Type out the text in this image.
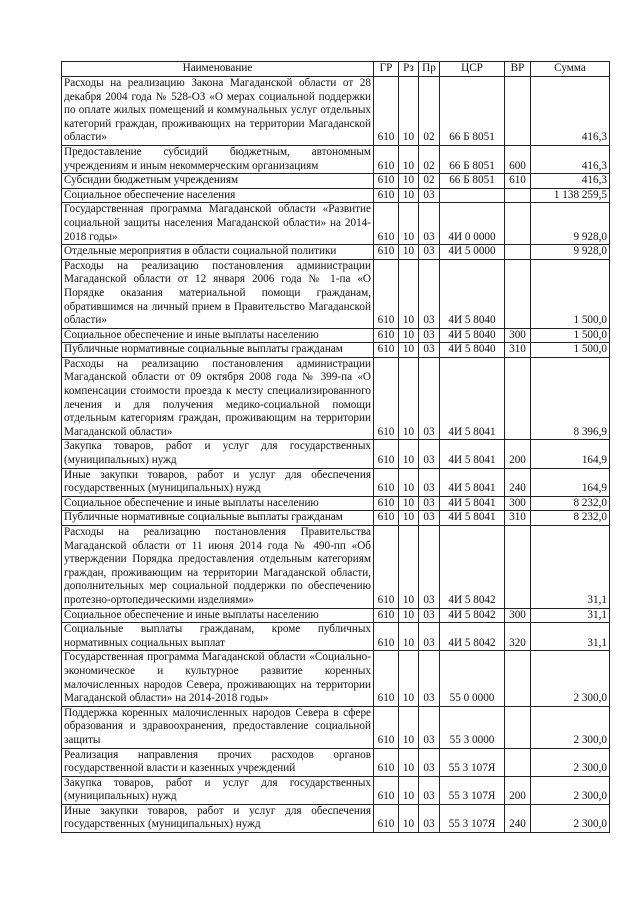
Наименование	ГР	Рз	Пр	ЦСР	ВР	Сумма
Расходы на реализацию Закона Магаданской области от 28 декабря 2004 года № 528-ОЗ «О мерах социальной поддержки по оплате жилых помещений и коммунальных услуг отдельных категорий граждан, проживающих на территории Магаданской области»	610	10	02	66 Б 8051		416,3
Предоставление субсидий бюджетным, автономным учреждениям и иным некоммерческим организациям	610	10	02	66 Б 8051	600	416,3
Субсидии бюджетным учреждениям	610	10	02	66 Б 8051	610	416,3
Социальное обеспечение населения	610	10	03			1 138 259,5
Государственная программа Магаданской области «Развитие социальной защиты населения Магаданской области» на 2014-2018 годы»	610	10	03	4И 0 0000		9 928,0
Отдельные мероприятия в области социальной политики	610	10	03	4И 5 0000		9 928,0
Расходы на реализацию постановления администрации Магаданской области от 12 января 2006 года № 1-па «О Порядке оказания материальной помощи гражданам, обратившимся на личный прием в Правительство Магаданской области»	610	10	03	4И 5 8040		1 500,0
Социальное обеспечение и иные выплаты населению	610	10	03	4И 5 8040	300	1 500,0
Публичные нормативные социальные выплаты гражданам	610	10	03	4И 5 8040	310	1 500,0
Расходы на реализацию постановления администрации Магаданской области от 09 октября 2008 года № 399-па «О компенсации стоимости проезда к месту специализированного лечения и для получения медико-социальной помощи отдельным категориям граждан, проживающим на территории Магаданской области»	610	10	03	4И 5 8041		8 396,9
Закупка товаров, работ и услуг для государственных (муниципальных) нужд	610	10	03	4И 5 8041	200	164,9
Иные закупки товаров, работ и услуг для обеспечения государственных (муниципальных) нужд	610	10	03	4И 5 8041	240	164,9
Социальное обеспечение и иные выплаты населению	610	10	03	4И 5 8041	300	8 232,0
Публичные нормативные социальные выплаты гражданам	610	10	03	4И 5 8041	310	8 232,0
Расходы на реализацию постановления Правительства Магаданской области от 11 июня 2014 года № 490-пп «Об утверждении Порядка предоставления отдельным категориям граждан, проживающим на территории Магаданской области, дополнительных мер социальной поддержки по обеспечению протезно-ортопедическими изделиями»	610	10	03	4И 5 8042		31,1
Социальное обеспечение и иные выплаты населению	610	10	03	4И 5 8042	300	31,1
Социальные выплаты гражданам, кроме публичных нормативных социальных выплат	610	10	03	4И 5 8042	320	31,1
Государственная программа Магаданской области «Социально-экономическое и культурное развитие коренных малочисленных народов Севера, проживающих на территории Магаданской области» на 2014-2018 годы»	610	10	03	55 0 0000		2 300,0
Поддержка коренных малочисленных народов Севера в сфере образования и здравоохранения, предоставление социальной защиты	610	10	03	55 3 0000		2 300,0
Реализация направления прочих расходов органов государственной власти и казенных учреждений	610	10	03	55 3 107Я		2 300,0
Закупка товаров, работ и услуг для государственных (муниципальных) нужд	610	10	03	55 3 107Я	200	2 300,0
Иные закупки товаров, работ и услуг для обеспечения государственных (муниципальных) нужд	610	10	03	55 3 107Я	240	2 300,0
